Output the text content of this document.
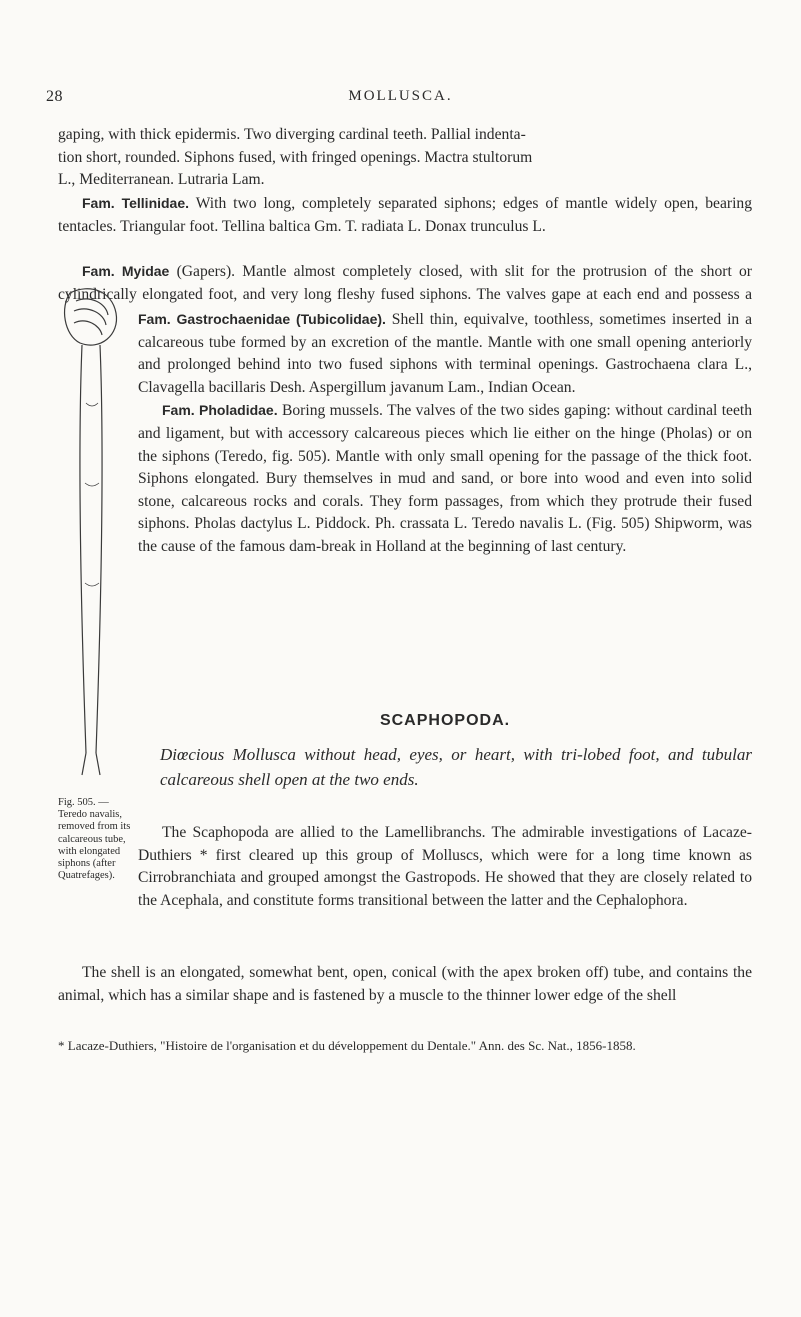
28	MOLLUSCA.

gaping, with thick epidermis. Two diverging cardinal teeth. Pallial indenta-

tion short, rounded. Siphons fused, with fringed openings. Mactra stultorum

L., Mediterranean. Lutraria Lam.

Fam. Tellinidae. With two long, completely separated siphons; edges of mantle widely open, bearing tentacles. Triangular foot. Tellina baltica Gm. T. radiata L. Donax trunculus L.
Fam. Myidae (Gapers). Mantle almost completely closed, with slit for the protrusion of the short or cylindrically elongated foot, and very long fleshy fused siphons. The valves gape at each end and possess a

Fam. Gastrochaenidae (Tubicolidae). Shell thin, equivalve, toothless, sometimes inserted in a calcareous tube formed by an excretion of the mantle. Mantle with one small opening anteriorly and prolonged behind into two fused siphons with terminal openings. Gastrochaena clara L., Clavagella bacillaris Desh. Aspergillum javanum Lam., Indian Ocean.

Fam. Pholadidae. Boring mussels. The valves of the two sides gaping: without cardinal teeth and ligament, but with accessory calcareous pieces which lie either on the hinge (Pholas) or on the siphons (Teredo, fig. 505). Mantle with only small opening for the passage of the thick foot. Siphons elongated. Bury themselves in mud and sand, or bore into wood and even into solid stone, calcareous rocks and corals. They form passages, from which they protrude their fused siphons. Pholas dactylus L. Piddock. Ph. crassata L. Teredo navalis L. (Fig. 505) Shipworm, was the cause of the famous dam-break in Holland at the beginning of last century.

SCAPHOPODA.
Diœcious Mollusca without head, eyes, or heart, with tri-lobed foot, and tubular calcareous shell open at the two ends.
Fig. 505. — Teredo navalis, removed from its calcareous tube, with elongated siphons (after Quatrefages).

The Scaphopoda are allied to the Lamellibranchs. The admirable investigations of Lacaze-Duthiers * first cleared up this group of Molluscs, which were for a long time known as Cirrobranchiata and grouped amongst the Gastropods. He showed that they are closely related to the Acephala, and constitute forms transitional between the latter and the Cephalophora.

The shell is an elongated, somewhat bent, open, conical (with the apex broken off) tube, and contains the animal, which has a similar shape and is fastened by a muscle to the thinner lower edge of the shell

* Lacaze-Duthiers, "Histoire de l'organisation et du développement du Dentale." Ann. des Sc. Nat., 1856-1858.
